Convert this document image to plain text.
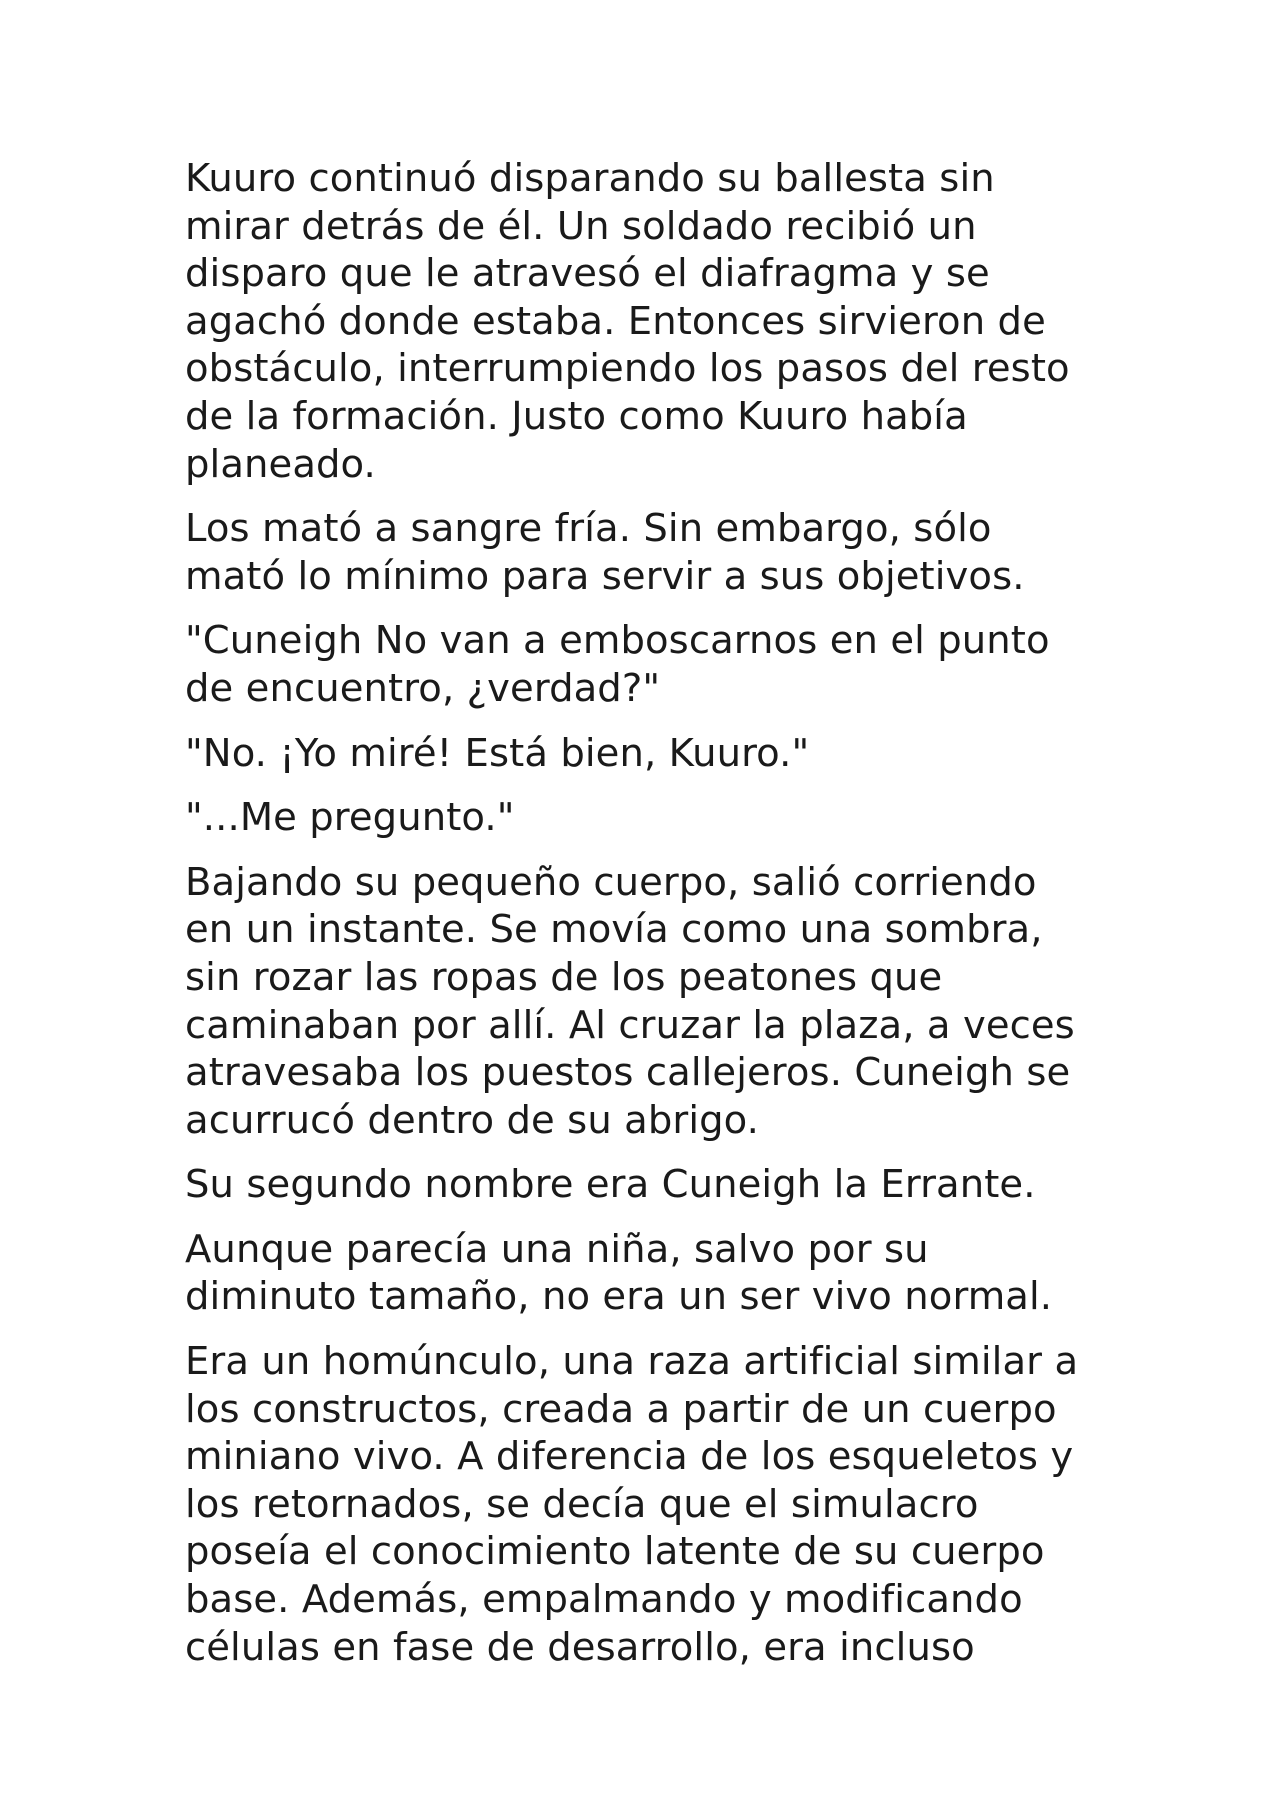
Kuuro continuó disparando su ballesta sin
mirar detrás de él. Un soldado recibió un
disparo que le atravesó el diafragma y se
agachó donde estaba. Entonces sirvieron de
obstáculo, interrumpiendo los pasos del resto
de la formación. Justo como Kuuro había
planeado.

Los mató a sangre fría. Sin embargo, sólo
mató lo mínimo para servir a sus objetivos.

"Cuneigh No van a emboscarnos en el punto
de encuentro, ¿verdad?"

"No. ¡Yo miré! Está bien, Kuuro."

"...Me pregunto."

Bajando su pequeño cuerpo, salió corriendo
en un instante. Se movía como una sombra,
sin rozar las ropas de los peatones que
caminaban por allí. Al cruzar la plaza, a veces
atravesaba los puestos callejeros. Cuneigh se
acurrucó dentro de su abrigo.

Su segundo nombre era Cuneigh la Errante.

Aunque parecía una niña, salvo por su
diminuto tamaño, no era un ser vivo normal.

Era un homúnculo, una raza artificial similar a
los constructos, creada a partir de un cuerpo
miniano vivo. A diferencia de los esqueletos y
los retornados, se decía que el simulacro
poseía el conocimiento latente de su cuerpo
base. Además, empalmando y modificando
células en fase de desarrollo, era incluso
